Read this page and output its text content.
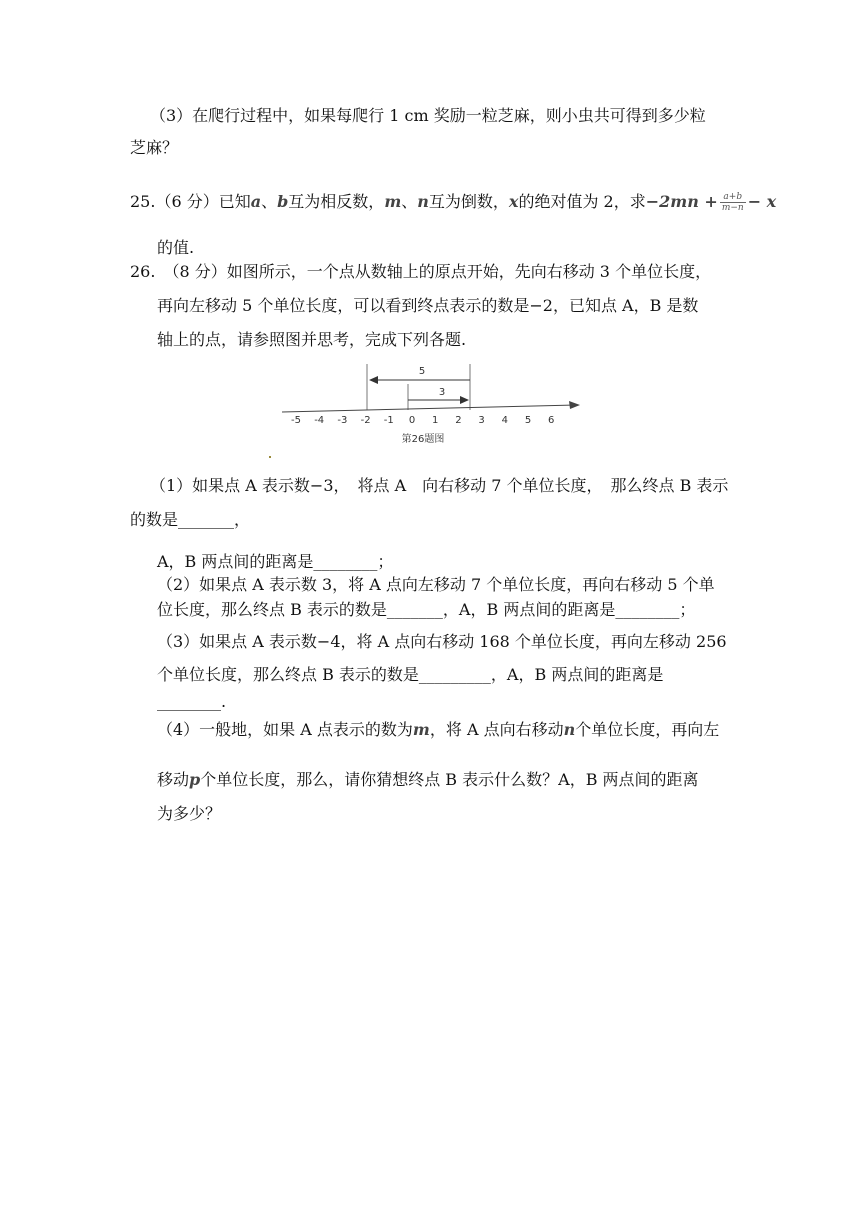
（3）在爬行过程中，如果每爬行 1 cm 奖励一粒芝麻，则小虫共可得到多少粒
芝麻？
25.（6 分）已知a、b互为相反数，m、n互为倒数，x的绝对值为 2，求$-2mn + \frac{a+b}{m-n} - x$
的值.
26.　（8 分）如图所示，一个点从数轴上的原点开始，先向右移动 3 个单位长度，
再向左移动 5 个单位长度，可以看到终点表示的数是−2，已知点 A，B 是数
轴上的点，请参照图并思考，完成下列各题.
5
3
-5 -4 -3 -2 -1 0 1 2 3 4 5 6
第26题图
（1）如果点 A 表示数−3，　将点 A　向右移动 7 个单位长度，　那么终点 B 表示
的数是_______，
A，B 两点间的距离是________；
（2）如果点 A 表示数 3，将 A 点向左移动 7 个单位长度，再向右移动 5 个单
位长度，那么终点 B 表示的数是_______，A，B 两点间的距离是________；
（3）如果点 A 表示数−4，将 A 点向右移动 168 个单位长度，再向左移动 256
个单位长度，那么终点 B 表示的数是_________，A，B 两点间的距离是
________.
（4）一般地，如果 A 点表示的数为m，将 A 点向右移动n个单位长度，再向左
移动p个单位长度，那么，请你猜想终点 B 表示什么数？A，B 两点间的距离
为多少？
